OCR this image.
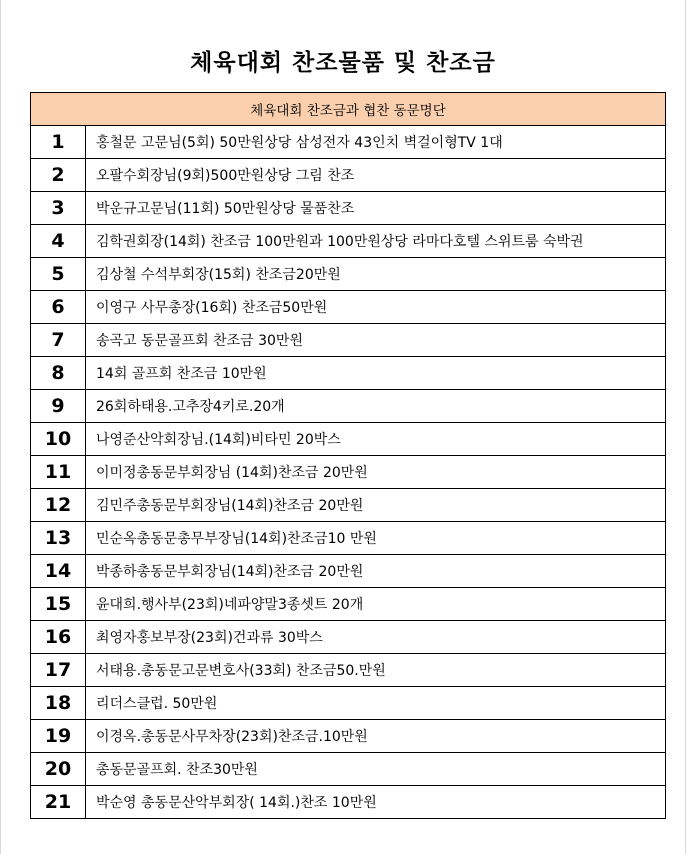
체육대회 찬조물품 및 찬조금
체육대회 찬조금과 협찬 동문명단	
1	홍철문 고문님(5회) 50만원상당 삼성전자 43인치 벽걸이형TV 1대
2	오팔수회장님(9회)500만원상당 그림 찬조
3	박운규고문님(11회) 50만원상당 물품찬조
4	김학권회장(14회) 찬조금 100만원과 100만원상당 라마다호텔 스위트룸 숙박권
5	김상철 수석부회장(15회) 찬조금20만원
6	이영구 사무총장(16회) 찬조금50만원
7	송곡고 동문골프회 찬조금 30만원
8	14회 골프회 찬조금 10만원
9	26회하태용.고추장4키로.20개
10	나영준산악회장님.(14회)비타민 20박스
11	이미정총동문부회장님 (14회)찬조금 20만원
12	김민주총동문부회장님(14회)찬조금 20만원
13	민순옥총동문총무부장님(14회)찬조금10 만원
14	박종하총동문부회장님(14회)찬조금 20만원
15	윤대희.행사부(23회)네파양말3종셋트 20개
16	최영자홍보부장(23회)건과류 30박스
17	서태용.총동문고문변호사(33회) 찬조금50.만원
18	리더스클럽. 50만원
19	이경옥.총동문사무차장(23회)찬조금.10만원
20	총동문골프회. 찬조30만원
21	박순영 총동문산악부회장( 14회.)찬조 10만원
